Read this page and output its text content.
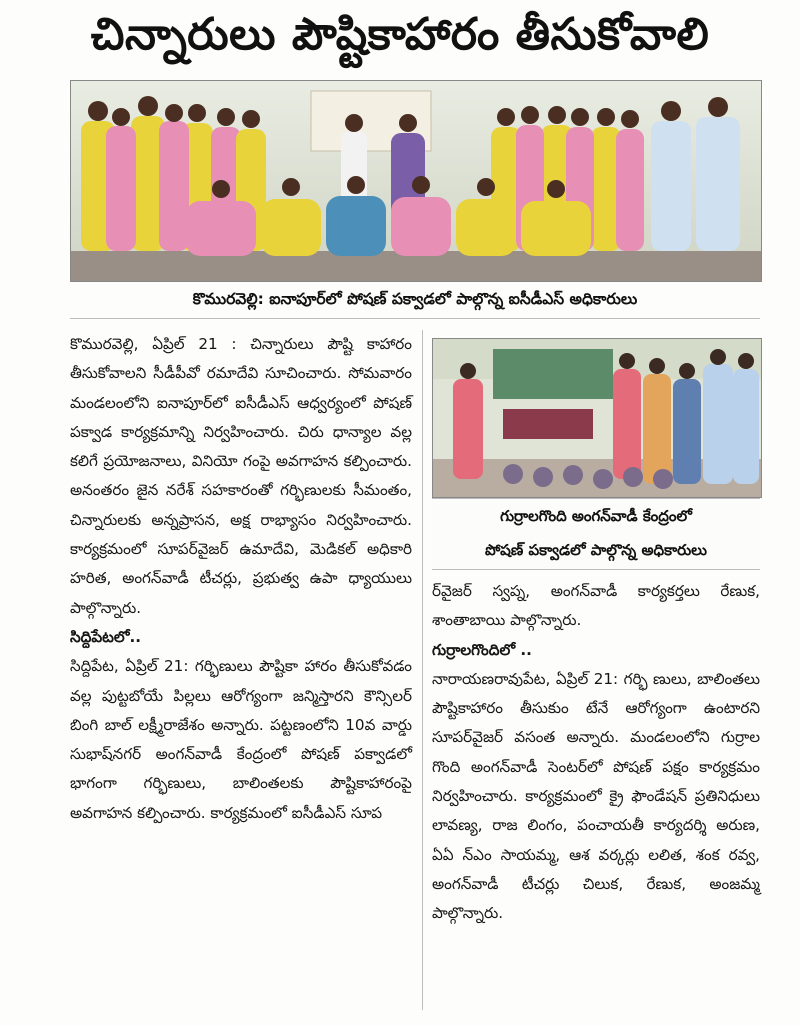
చిన్నారులు పౌష్టికాహారం తీసుకోవాలి
కొమురవెల్లి: ఐనాపూర్‌లో పోషణ్ పక్వాడలో పాల్గొన్న ఐసీడీఎస్ అధికారులు

కొమురవెల్లి, ఏప్రిల్ 21 : చిన్నారులు పౌష్టి కాహారం తీసుకోవాలని సీడీపీవో రమాదేవి సూచించారు. సోమవారం మండలంలోని ఐనాపూర్‌లో ఐసీడీఎస్ ఆధ్వర్యంలో పోషణ్ పక్వాడ కార్యక్రమాన్ని నిర్వహించారు. చిరు ధాన్యాల వల్ల కలిగే ప్రయోజనాలు, వినియో గంపై అవగాహన కల్పించారు. అనంతరం జైన నరేశ్ సహకారంతో గర్భిణులకు సీమంతం, చిన్నారులకు అన్నప్రాసన, అక్ష రాభ్యాసం నిర్వహించారు. కార్యక్రమంలో సూపర్‌వైజర్ ఉమాదేవి, మెడికల్ అధికారి హరిత, అంగన్‌వాడీ టీచర్లు, ప్రభుత్వ ఉపా ధ్యాయులు పాల్గొన్నారు.

సిద్దిపేటలో..

సిద్దిపేట, ఏప్రిల్ 21: గర్భిణులు పౌష్టికా హారం తీసుకోవడం వల్ల పుట్టబోయే పిల్లలు ఆరోగ్యంగా జన్మిస్తారని కౌన్సిలర్ బింగి బాల్ లక్ష్మీరాజేశం అన్నారు. పట్టణంలోని 10వ వార్డు సుభాష్‌నగర్ అంగన్‌వాడీ కేంద్రంలో పోషణ్ పక్వాడలో భాగంగా గర్భిణులు, బాలింతలకు పౌష్టికాహారంపై అవగాహన కల్పించారు. కార్యక్రమంలో ఐసీడీఎస్ సూప

గుర్రాలగొంది అంగన్‌వాడీ కేంద్రంలో
పోషణ్ పక్వాడలో పాల్గొన్న అధికారులు

ర్‌వైజర్ స్వప్న, అంగన్‌వాడీ కార్యకర్తలు రేణుక, శాంతాబాయి పాల్గొన్నారు.

గుర్రాలగొందిలో ..

నారాయణరావుపేట, ఏప్రిల్ 21: గర్భి ణులు, బాలింతలు పౌష్టికాహారం తీసుకుం టేనే ఆరోగ్యంగా ఉంటారని సూపర్‌వైజర్ వసంత అన్నారు. మండలంలోని గుర్రాల గొంది అంగన్‌వాడీ సెంటర్‌లో పోషణ్ పక్షం కార్యక్రమం నిర్వహించారు. కార్యక్రమంలో క్రై ఫౌండేషన్ ప్రతినిధులు లావణ్య, రాజ లింగం, పంచాయతీ కార్యదర్శి అరుణ, ఏఏ న్ఎం సాయమ్మ, ఆశ వర్కర్లు లలిత, శంక రవ్వ, అంగన్‌వాడీ టీచర్లు చిలుక, రేణుక, అంజమ్మ పాల్గొన్నారు.
